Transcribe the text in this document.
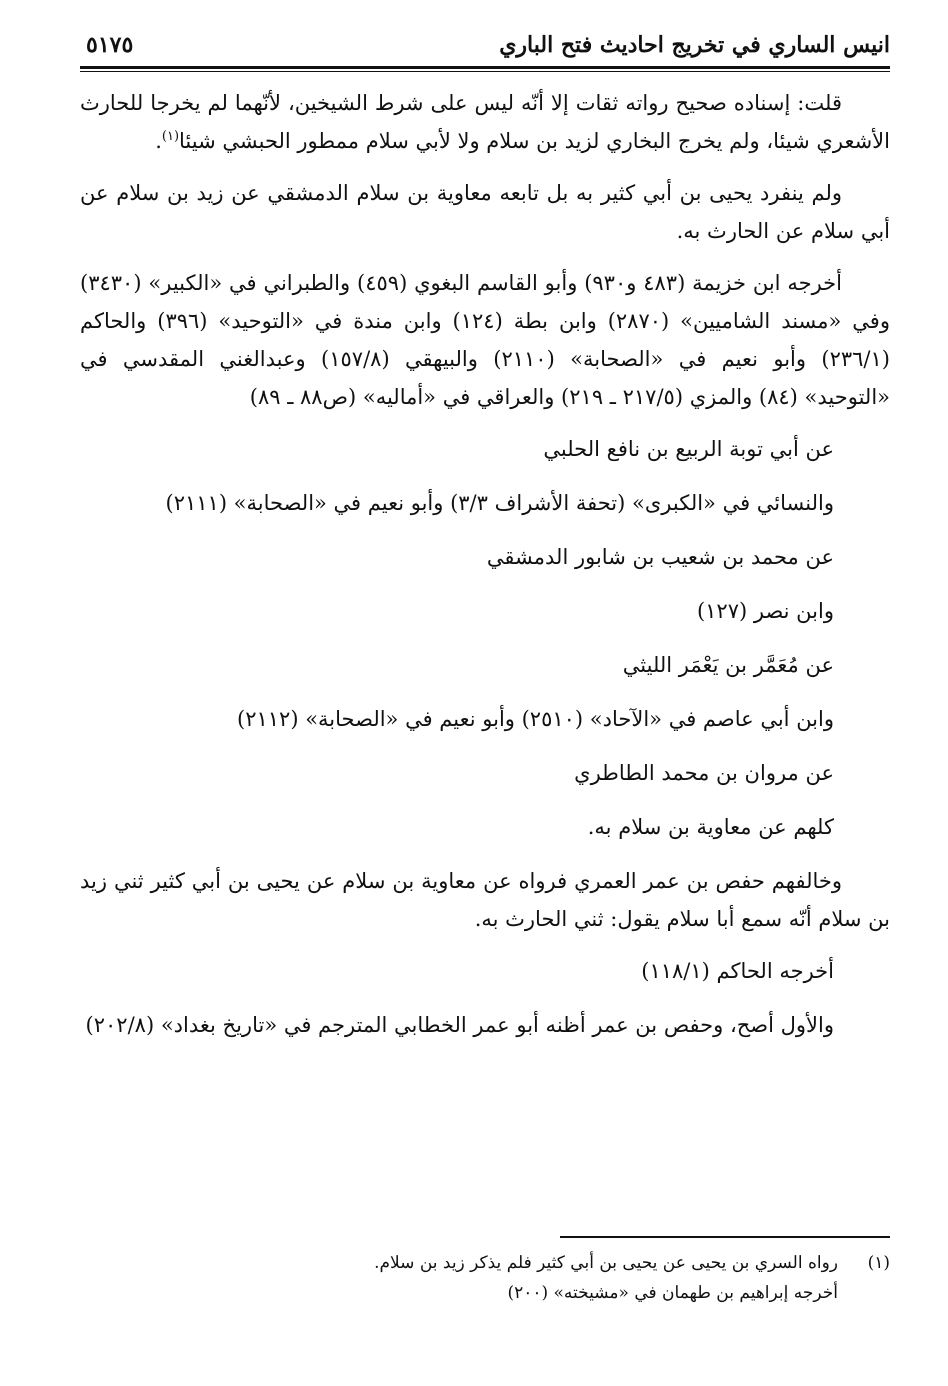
انيس الساري في تخريج احاديث فتح الباري
٥١٧٥

قلت: إسناده صحيح رواته ثقات إلا أنّه ليس على شرط الشيخين، لأنّهما لم يخرجا للحارث الأشعري شيئا، ولم يخرج البخاري لزيد بن سلام ولا لأبي سلام ممطور الحبشي شيئا$^{(١)}$.

ولم ينفرد يحيى بن أبي كثير به بل تابعه معاوية بن سلام الدمشقي عن زيد بن سلام عن أبي سلام عن الحارث به.

أخرجه ابن خزيمة (٤٨٣ و٩٣٠) وأبو القاسم البغوي (٤٥٩) والطبراني في «الكبير» (٣٤٣٠) وفي «مسند الشاميين» (٢٨٧٠) وابن بطة (١٢٤) وابن مندة في «التوحيد» (٣٩٦) والحاكم (٢٣٦/١) وأبو نعيم في «الصحابة» (٢١١٠) والبيهقي (١٥٧/٨) وعبدالغني المقدسي في «التوحيد» (٨٤) والمزي (٢١٧/٥ ـ ٢١٩) والعراقي في «أماليه» (ص٨٨ ـ ٨٩)

عن أبي توبة الربيع بن نافع الحلبي

والنسائي في «الكبرى» (تحفة الأشراف ٣/٣) وأبو نعيم في «الصحابة» (٢١١١)

عن محمد بن شعيب بن شابور الدمشقي

وابن نصر (١٢٧)

عن مُعَمَّر بن يَعْمَر الليثي

وابن أبي عاصم في «الآحاد» (٢٥١٠) وأبو نعيم في «الصحابة» (٢١١٢)

عن مروان بن محمد الطاطري

كلهم عن معاوية بن سلام به.

وخالفهم حفص بن عمر العمري فرواه عن معاوية بن سلام عن يحيى بن أبي كثير ثني زيد بن سلام أنّه سمع أبا سلام يقول: ثني الحارث به.

أخرجه الحاكم (١١٨/١)

والأول أصح، وحفص بن عمر أظنه أبو عمر الخطابي المترجم في «تاريخ بغداد» (٢٠٢/٨)

(١)
رواه السري بن يحيى عن يحيى بن أبي كثير فلم يذكر زيد بن سلام.

أخرجه إبراهيم بن طهمان في «مشيخته» (٢٠٠)
